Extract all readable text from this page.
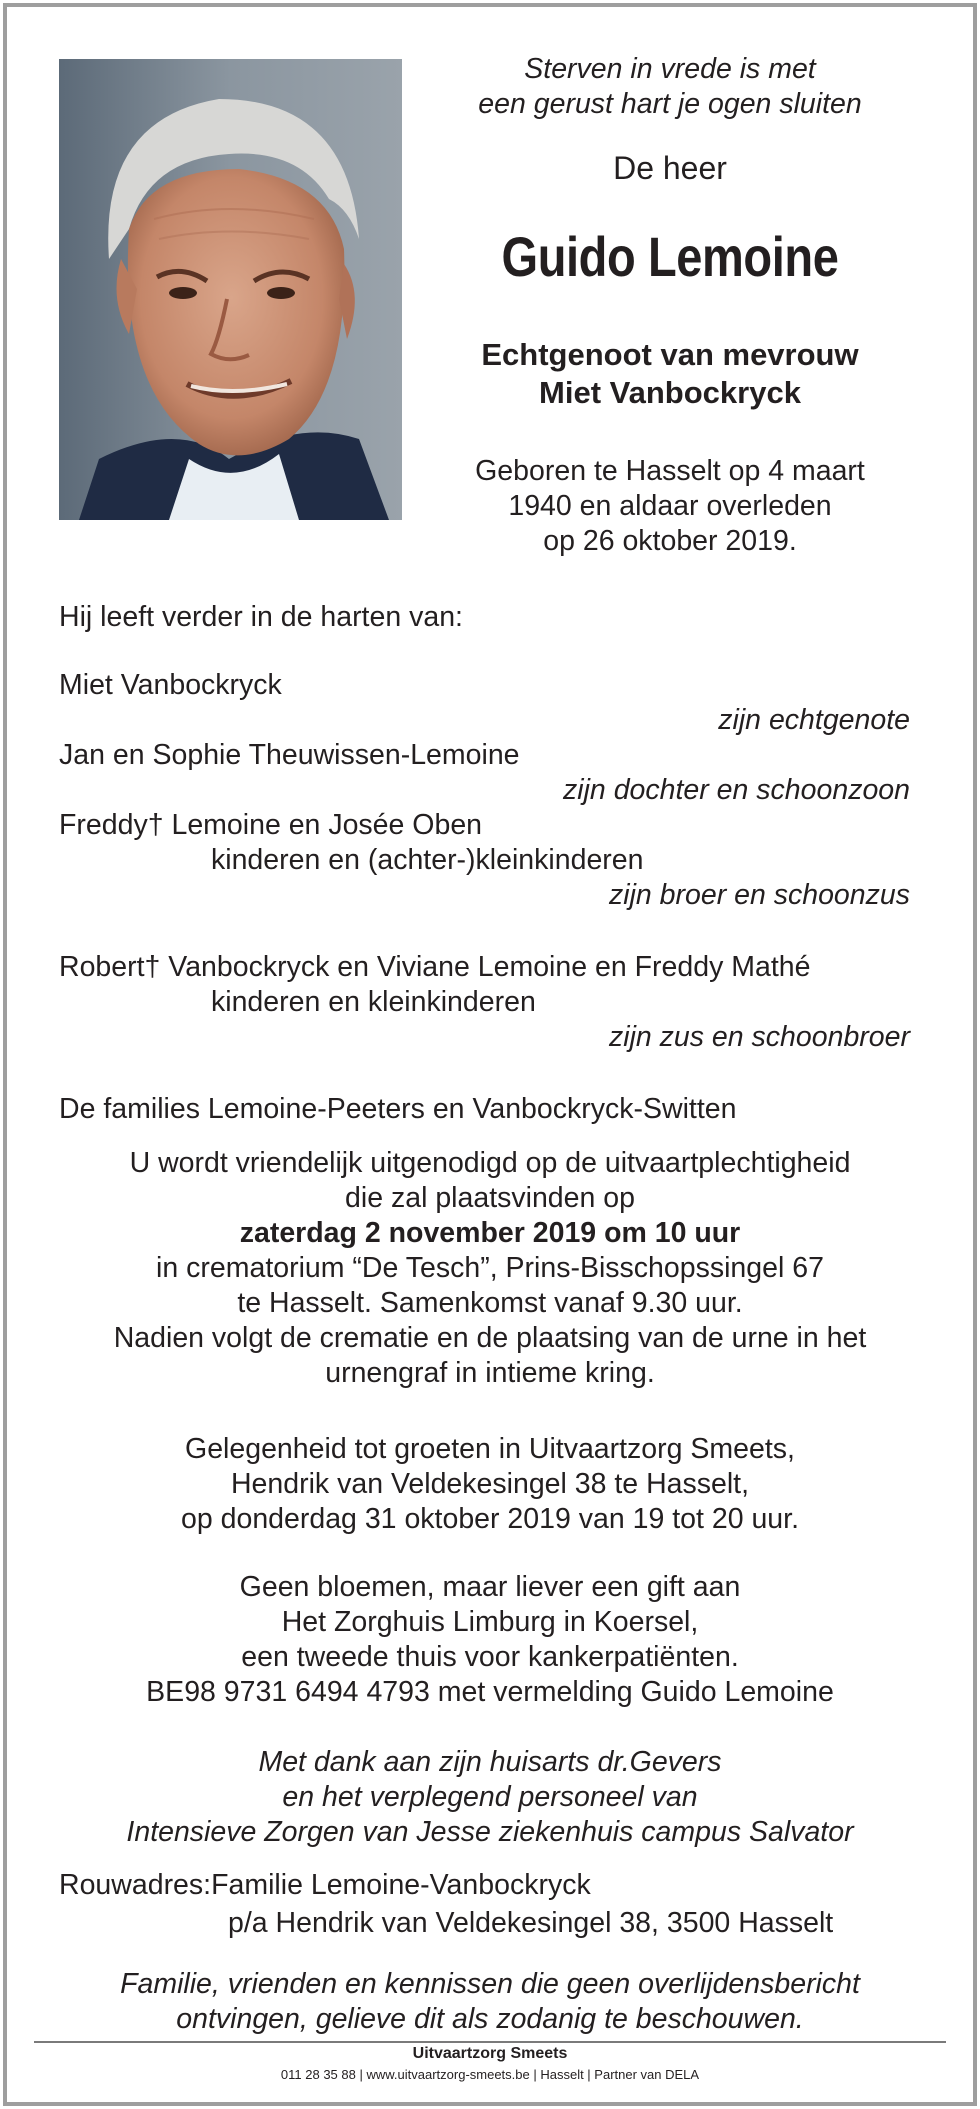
Sterven in vrede is met
een gerust hart je ogen sluiten
De heer
Guido Lemoine
Echtgenoot van mevrouw
Miet Vanbockryck
Geboren te Hasselt op 4 maart
1940 en aldaar overleden
op 26 oktober 2019.
Hij leeft verder in de harten van:
Miet Vanbockryck
zijn echtgenote
Jan en Sophie Theuwissen-Lemoine
zijn dochter en schoonzoon
Freddy† Lemoine en Josée Oben
kinderen en (achter-)kleinkinderen
zijn broer en schoonzus
Robert† Vanbockryck en Viviane Lemoine en Freddy Mathé
kinderen en kleinkinderen
zijn zus en schoonbroer
De families Lemoine-Peeters en Vanbockryck-Switten
U wordt vriendelijk uitgenodigd op de uitvaartplechtigheid
die zal plaatsvinden op
zaterdag 2 november 2019 om 10 uur
in crematorium “De Tesch”, Prins-Bisschopssingel 67
te Hasselt. Samenkomst vanaf 9.30 uur.
Nadien volgt de crematie en de plaatsing van de urne in het
urnengraf in intieme kring.
Gelegenheid tot groeten in Uitvaartzorg Smeets,
Hendrik van Veldekesingel 38 te Hasselt,
op donderdag 31 oktober 2019 van 19 tot 20 uur.
Geen bloemen, maar liever een gift aan
Het Zorghuis Limburg in Koersel,
een tweede thuis voor kankerpatiënten.
BE98 9731 6494 4793 met vermelding Guido Lemoine
Met dank aan zijn huisarts dr.Gevers
en het verplegend personeel van
Intensieve Zorgen van Jesse ziekenhuis campus Salvator
Rouwadres:Familie Lemoine-Vanbockryck
p/a Hendrik van Veldekesingel 38, 3500 Hasselt
Familie, vrienden en kennissen die geen overlijdensbericht
ontvingen, gelieve dit als zodanig te beschouwen.
Uitvaartzorg Smeets
011 28 35 88 | www.uitvaartzorg-smeets.be | Hasselt | Partner van DELA
